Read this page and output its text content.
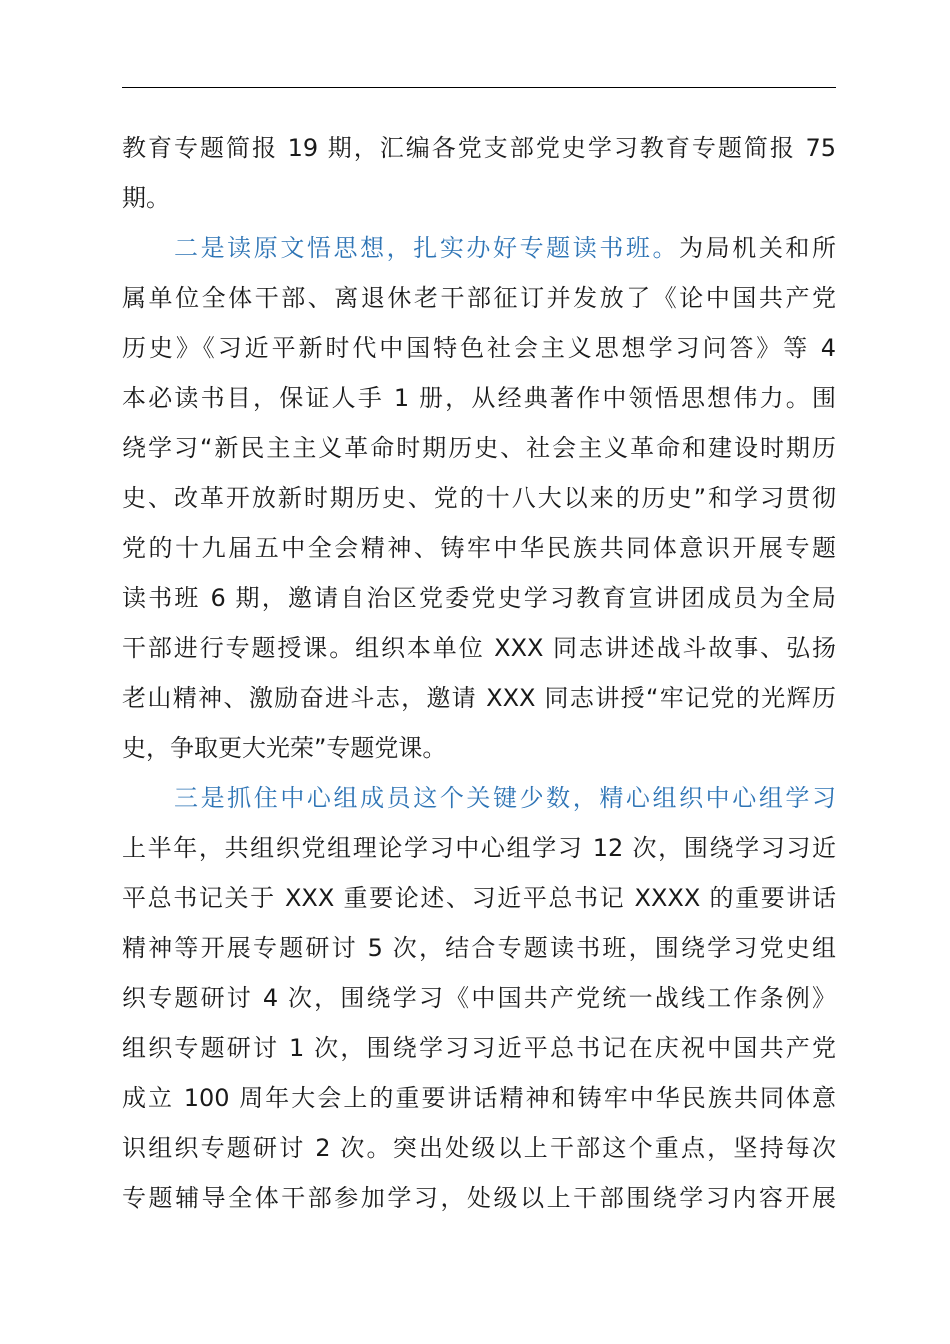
教育专题简报 19 期，汇编各党支部党史学习教育专题简报 75
期。
二是读原文悟思想，扎实办好专题读书班。为局机关和所
属单位全体干部、离退休老干部征订并发放了《论中国共产党
历史》《习近平新时代中国特色社会主义思想学习问答》等 4
本必读书目，保证人手 1 册，从经典著作中领悟思想伟力。围
绕学习“新民主主义革命时期历史、社会主义革命和建设时期历
史、改革开放新时期历史、党的十八大以来的历史”和学习贯彻
党的十九届五中全会精神、铸牢中华民族共同体意识开展专题
读书班 6 期，邀请自治区党委党史学习教育宣讲团成员为全局
干部进行专题授课。组织本单位 XXX 同志讲述战斗故事、弘扬
老山精神、激励奋进斗志，邀请 XXX 同志讲授“牢记党的光辉历
史，争取更大光荣”专题党课。
三是抓住中心组成员这个关键少数，精心组织中心组学习
上半年，共组织党组理论学习中心组学习 12 次，围绕学习习近
平总书记关于 XXX 重要论述、习近平总书记 XXXX 的重要讲话
精神等开展专题研讨 5 次，结合专题读书班，围绕学习党史组
织专题研讨 4 次，围绕学习《中国共产党统一战线工作条例》
组织专题研讨 1 次，围绕学习习近平总书记在庆祝中国共产党
成立 100 周年大会上的重要讲话精神和铸牢中华民族共同体意
识组织专题研讨 2 次。突出处级以上干部这个重点，坚持每次
专题辅导全体干部参加学习，处级以上干部围绕学习内容开展
